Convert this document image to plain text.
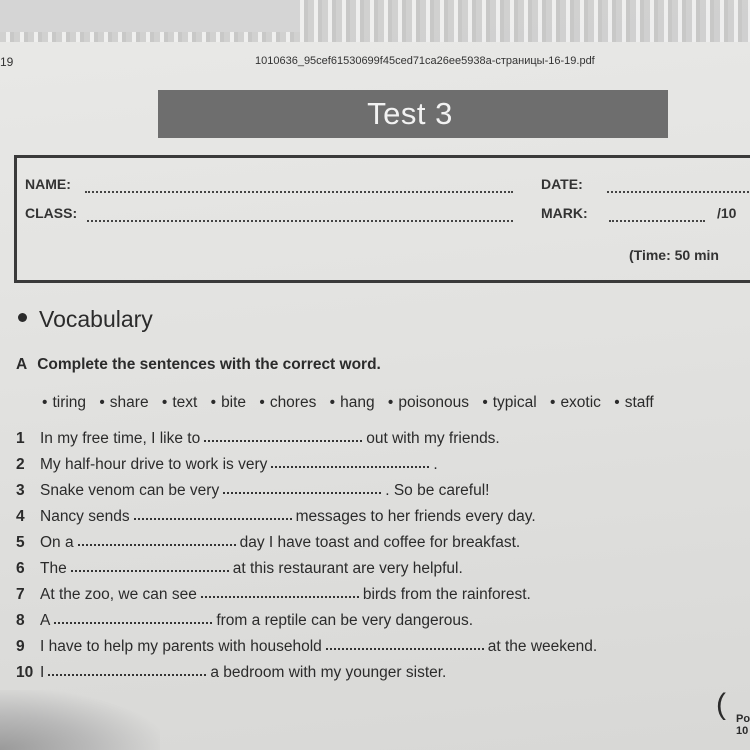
19	1010636_95cef61530699f45ced71ca26ee5938a-страницы-16-19.pdf
Test 3
NAME:
CLASS:
DATE:
MARK:	/10
(Time: 50 min
Vocabulary
A Complete the sentences with the correct word.
• tiring • share • text • bite • chores • hang • poisonous • typical • exotic • staff
1 In my free time, I like to	out with my friends.
2 My half-hour drive to work is very	.
3 Snake venom can be very	. So be careful!
4 Nancy sends	messages to her friends every day.
5 On a	day I have toast and coffee for breakfast.
6 The	at this restaurant are very helpful.
7 At the zoo, we can see	birds from the rainforest.
8 A	from a reptile can be very dangerous.
9 I have to help my parents with household	at the weekend.
10 I	a bedroom with my younger sister.
( Po
10
